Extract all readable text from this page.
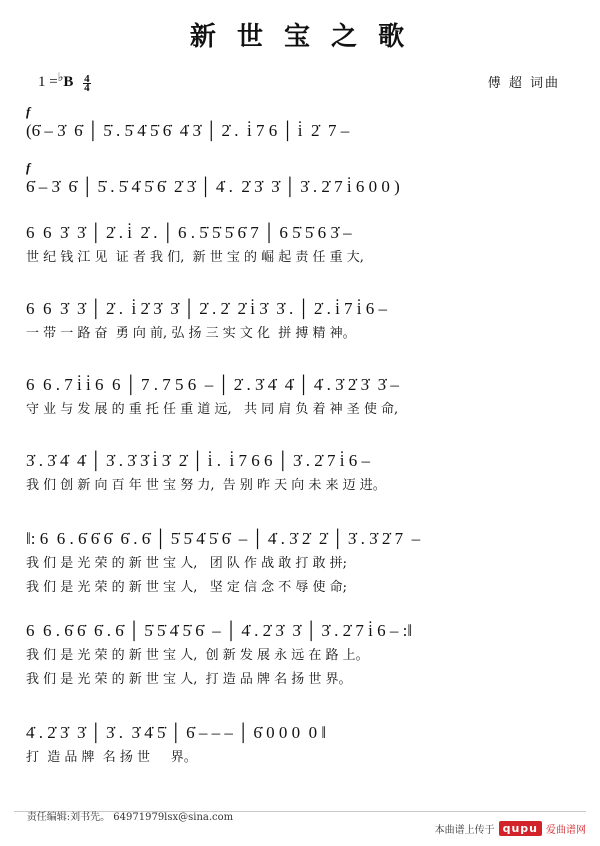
新 世 宝 之 歌
$1 =^♭B \frac{4}{4}$	傅 超 词曲
f
(6̇ – 3̇  6̇ │ 5̇ . 5̇ 4̇ 5̇ 6̇  4̇ 3̇ │ 2̇ .  i̇ 7 6 │ i̇  2̇  7 –
f
6̇ – 3̇  6̇ │ 5̇ . 5̇ 4̇ 5̇ 6̇  2̇ 3̇ │ 4̇ .  2̇ 3̇  3̇ │ 3̇ . 2̇ 7 i̇ 6 0 0 )
6  6  3̇  3̇ │ 2̇ . i̇  2̇ . │ 6 . 5̇ 5̇ 5̇ 6̇ 7 │ 6 5̇ 5̇ 6 3̇ –
世 纪 钱 江 见  证 者 我 们,  新 世 宝 的 崛 起 责 任 重 大,
6  6  3̇  3̇ │ 2̇ .  i̇ 2̇ 3̇  3̇ │ 2̇ . 2̇  2̇ i̇ 3̇  3̇ . │ 2̇ . i̇ 7 i̇ 6 –
一 带 一 路 奋  勇 向 前, 弘 扬 三 实 文 化  拼 搏 精 神。
6  6 . 7 i̇ i̇ 6  6 │ 7 . 7 5 6  – │ 2̇ . 3̇ 4̇  4̇ │ 4̇ . 3̇ 2̇ 3̇  3̇ –
守 业 与 发 展 的 重 托 任 重 道 远,   共 同 肩 负 着 神 圣 使 命,
3̇ . 3̇ 4̇  4̇ │ 3̇ . 3̇ 3̇ i̇ 3̇  2̇ │ i̇ .  i̇ 7 6 6 │ 3̇ . 2̇ 7 i̇ 6 –
我 们 创 新 向 百 年 世 宝 努 力,  告 别 昨 天 向 未 来 迈 进。
‖: 6  6 . 6̇ 6̇ 6̇  6̇ . 6̇ │ 5̇ 5̇ 4̇ 5̇ 6̇  – │ 4̇ . 3̇ 2̇  2̇ │ 3̇ . 3̇ 2̇ 7  –
我 们 是 光 荣 的 新 世 宝 人,   团 队 作 战 敢 打 敢 拼;
我 们 是 光 荣 的 新 世 宝 人,   坚 定 信 念 不 辱 使 命;
6  6 . 6̇ 6̇  6̇ . 6̇ │ 5̇ 5̇ 4̇ 5̇ 6̇  – │ 4̇ . 2̇ 3̇  3̇ │ 3̇ . 2̇ 7 i̇ 6 – :‖
我 们 是 光 荣 的 新 世 宝 人,  创 新 发 展 永 远 在 路 上。
我 们 是 光 荣 的 新 世 宝 人,  打 造 品 牌 名 扬 世 界。
4̇ . 2̇ 3̇  3̇ │ 3̇ .  3̇ 4̇ 5̇ │ 6̇ – – – │ 6̇ 0 0 0  0 ‖
打  造 品 牌  名 扬 世     界。

责任编辑:刘书先。 64971979lsx@sina.com

本曲谱上传于 qupu 爱曲谱网
